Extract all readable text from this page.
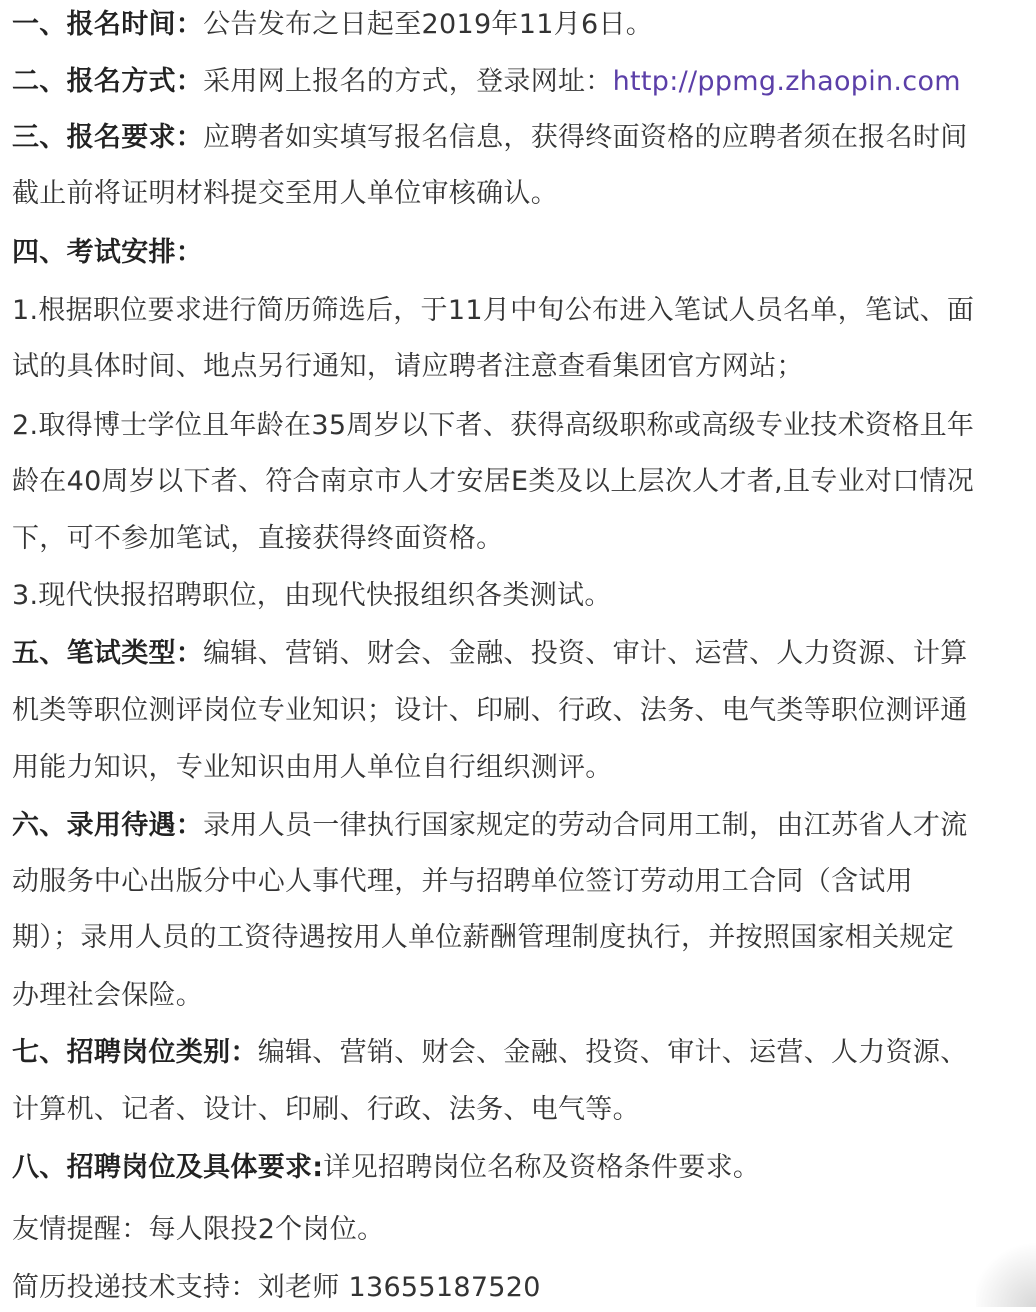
一、报名时间：公告发布之日起至2019年11月6日。
二、报名方式：采用网上报名的方式，登录网址：http://ppmg.zhaopin.com
三、报名要求：应聘者如实填写报名信息，获得终面资格的应聘者须在报名时间
截止前将证明材料提交至用人单位审核确认。
四、考试安排：
1.根据职位要求进行简历筛选后，于11月中旬公布进入笔试人员名单，笔试、面
试的具体时间、地点另行通知，请应聘者注意查看集团官方网站；
2.取得博士学位且年龄在35周岁以下者、获得高级职称或高级专业技术资格且年
龄在40周岁以下者、符合南京市人才安居E类及以上层次人才者,且专业对口情况
下，可不参加笔试，直接获得终面资格。
3.现代快报招聘职位，由现代快报组织各类测试。
五、笔试类型：编辑、营销、财会、金融、投资、审计、运营、人力资源、计算
机类等职位测评岗位专业知识；设计、印刷、行政、法务、电气类等职位测评通
用能力知识，专业知识由用人单位自行组织测评。
六、录用待遇：录用人员一律执行国家规定的劳动合同用工制，由江苏省人才流
动服务中心出版分中心人事代理，并与招聘单位签订劳动用工合同（含试用
期）；录用人员的工资待遇按用人单位薪酬管理制度执行，并按照国家相关规定
办理社会保险。
七、招聘岗位类别：编辑、营销、财会、金融、投资、审计、运营、人力资源、
计算机、记者、设计、印刷、行政、法务、电气等。
八、招聘岗位及具体要求:详见招聘岗位名称及资格条件要求。
友情提醒：每人限投2个岗位。
简历投递技术支持：刘老师 13655187520
